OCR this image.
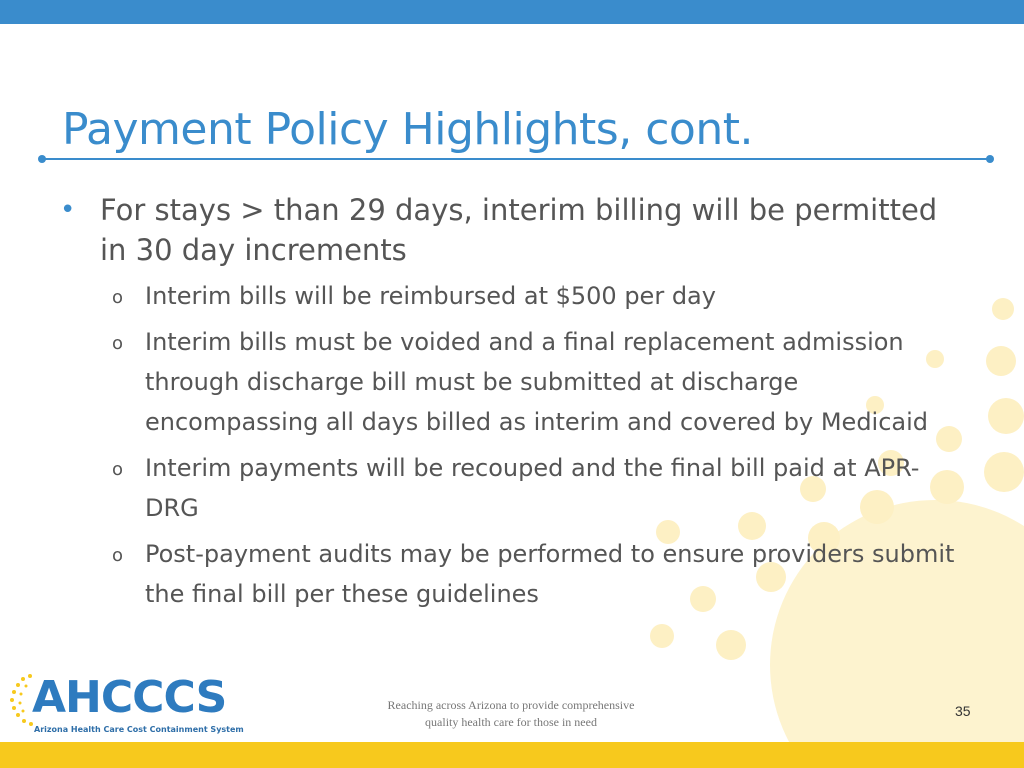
Payment Policy Highlights, cont.
• For stays > than 29 days, interim billing will be permitted in 30 day increments
o Interim bills will be reimbursed at $500 per day
o Interim bills must be voided and a final replacement admission through discharge bill must be submitted at discharge encompassing all days billed as interim and covered by Medicaid
o Interim payments will be recouped and the final bill paid at APR-DRG
o Post-payment audits may be performed to ensure providers submit the final bill per these guidelines
AHCCCS
Arizona Health Care Cost Containment System
Reaching across Arizona to provide comprehensive
quality health care for those in need
35
